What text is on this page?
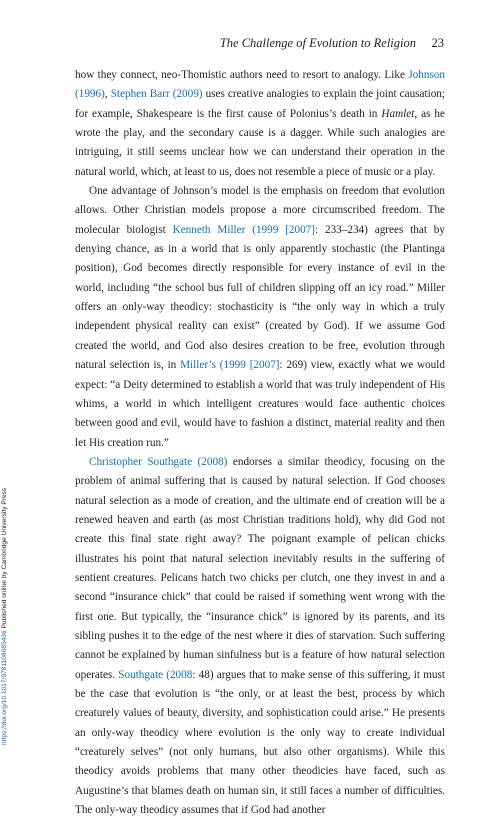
The Challenge of Evolution to Religion 23

how they connect, neo-Thomistic authors need to resort to analogy. Like Johnson (1996), Stephen Barr (2009) uses creative analogies to explain the joint causation; for example, Shakespeare is the first cause of Polonius’s death in Hamlet, as he wrote the play, and the secondary cause is a dagger. While such analogies are intriguing, it still seems unclear how we can understand their operation in the natural world, which, at least to us, does not resemble a piece of music or a play.

One advantage of Johnson’s model is the emphasis on freedom that evolution allows. Other Christian models propose a more circumscribed freedom. The molecular biologist Kenneth Miller (1999 [2007]: 233–234) agrees that by denying chance, as in a world that is only apparently stochastic (the Plantinga position), God becomes directly responsible for every instance of evil in the world, including “the school bus full of children slipping off an icy road.” Miller offers an only-way theodicy: stochasticity is “the only way in which a truly independent physical reality can exist” (created by God). If we assume God created the world, and God also desires creation to be free, evolution through natural selection is, in Miller’s (1999 [2007]: 269) view, exactly what we would expect: “a Deity determined to establish a world that was truly independent of His whims, a world in which intelligent creatures would face authentic choices between good and evil, would have to fashion a distinct, material reality and then let His creation run.”

Christopher Southgate (2008) endorses a similar theodicy, focusing on the problem of animal suffering that is caused by natural selection. If God chooses natural selection as a mode of creation, and the ultimate end of creation will be a renewed heaven and earth (as most Christian traditions hold), why did God not create this final state right away? The poignant example of pelican chicks illustrates his point that natural selection inevitably results in the suffering of sentient creatures. Pelicans hatch two chicks per clutch, one they invest in and a second “insurance chick” that could be raised if something went wrong with the first one. But typically, the “insurance chick” is ignored by its parents, and its sibling pushes it to the edge of the nest where it dies of starvation. Such suffering cannot be explained by human sinfulness but is a feature of how natural selection operates. Southgate (2008: 48) argues that to make sense of this suffering, it must be the case that evolution is “the only, or at least the best, process by which creaturely values of beauty, diversity, and sophistication could arise.” He presents an only-way theodicy where evolution is the only way to create individual “creaturely selves” (not only humans, but also other organisms). While this theodicy avoids problems that many other theodicies have faced, such as Augustine’s that blames death on human sin, it still faces a number of difficulties. The only-way theodicy assumes that if God had another

https://doi.org/10.1017/9781108685436 Published online by Cambridge University Press
